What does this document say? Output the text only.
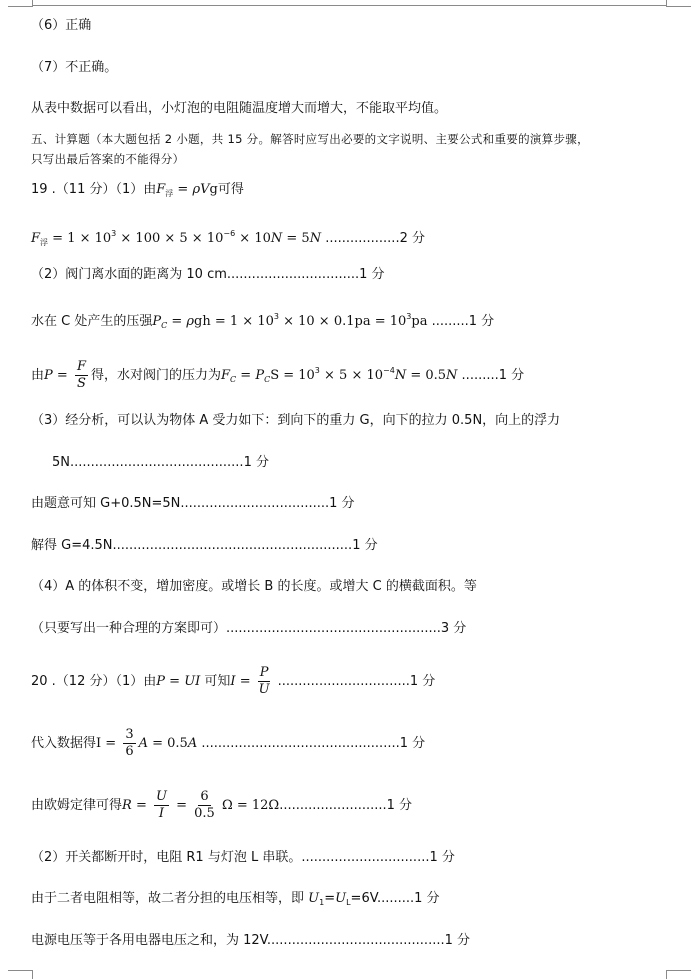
（6）正确
（7）不正确。
从表中数据可以看出，小灯泡的电阻随温度增大而增大，不能取平均值。
五、计算题（本大题包括 2 小题，共 15 分。解答时应写出必要的文字说明、主要公式和重要的演算步骤，
只写出最后答案的不能得分）
19 .（11 分）（1）由$F_浮 = \rho Vg$可得
$F_浮 = 1 \times 10^3 \times 100 \times 5 \times 10^{-6} \times 10N = 5N$ ..................2 分
（2）阀门离水面的距离为 10 cm................................1 分
水在 C 处产生的压强$P_C = \rho gh = 1 \times 10^3 \times 10 \times 0.1pa = 10^3pa$ .........1 分
由$P = \frac{F}{S}$ 得，水对阀门的压力为$F_C = P_CS = 10^3 \times 5 \times 10^{-4}N = 0.5N$ .........1 分
（3）经分析，可以认为物体 A 受力如下：到向下的重力 G，向下的拉力 0.5N，向上的浮力
5N..........................................1 分
由题意可知 G+0.5N=5N....................................1 分
解得 G=4.5N..........................................................1 分
（4）A 的体积不变，增加密度。或增长 B 的长度。或增大 C 的横截面积。等
（只要写出一种合理的方案即可）....................................................3 分
20 .（12 分）（1）由P = UI 可知$I = \frac{P}{U} ................................1$ 分
代入数据得$I = \frac{3}{6}$ A = 0.5A ................................................1 分
由欧姆定律可得$R = \frac{U}{I} = \frac{6}{0.5}$ Ω = 12Ω..........................1 分
（2）开关都断开时，电阻 R1 与灯泡 L 串联。...............................1 分
由于二者电阻相等，故二者分担的电压相等，即 $U_1=U_L=6V.........1$ 分
电源电压等于各用电器电压之和，为 12V...........................................1 分
